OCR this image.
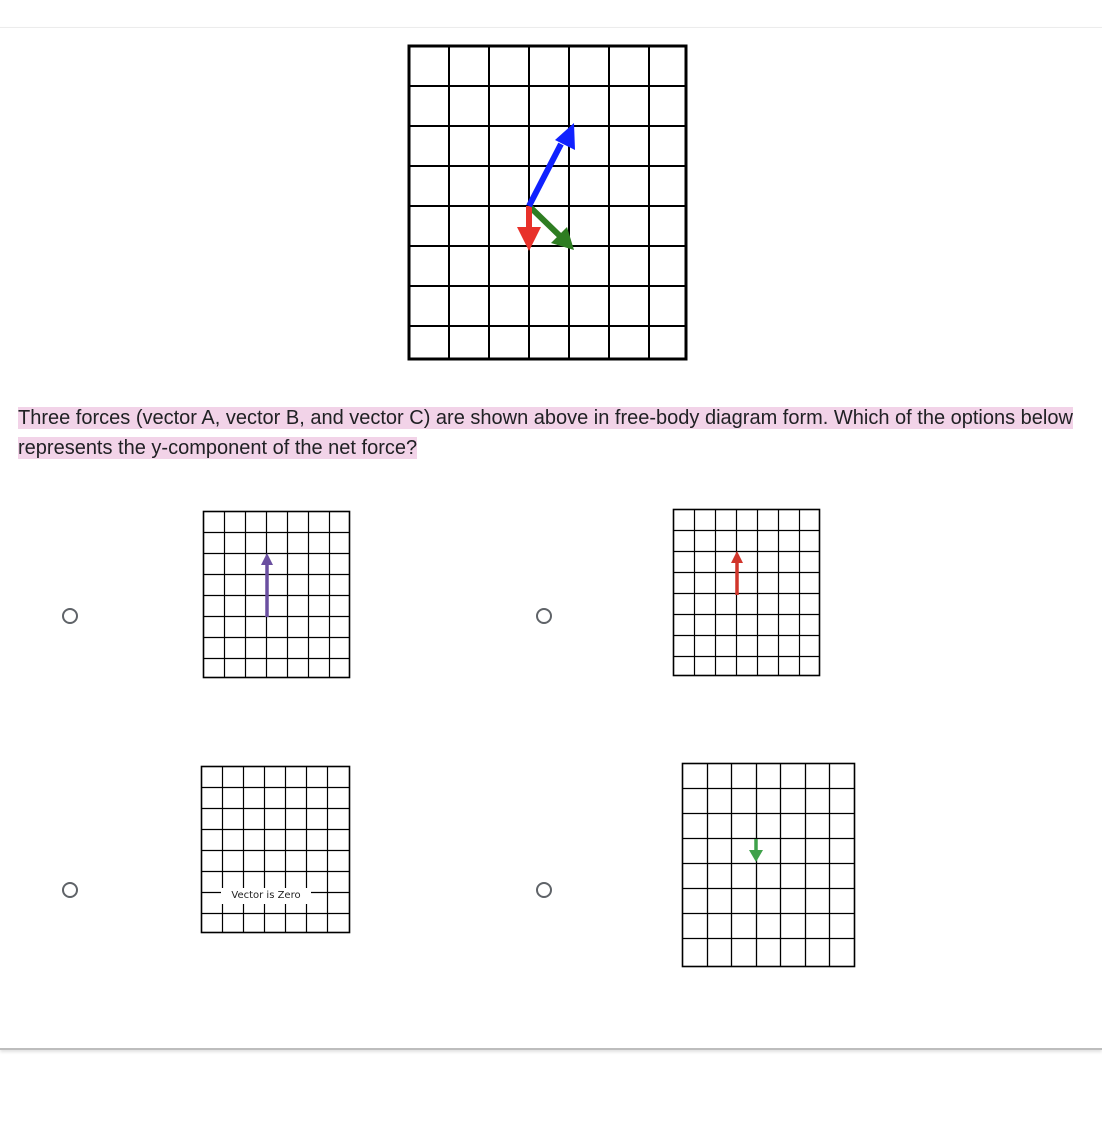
Three forces (vector A, vector B, and vector C) are shown above in free-body diagram form. Which of the options below represents the y-component of the net force?

Vector is Zero
